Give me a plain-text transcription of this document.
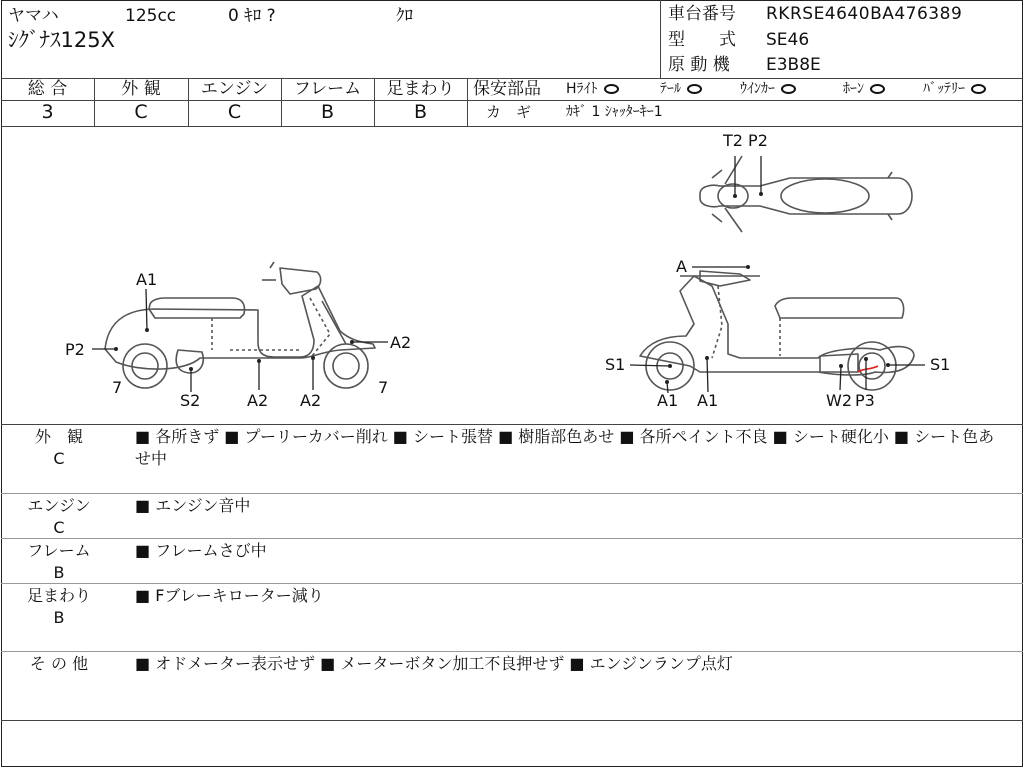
ヤマハ	125cc	0 ｷﾛ ?	ｸﾛ
ｼｸﾞﾅｽ125X
車台番号 RKRSE4640BA476389
型　　式 SE46
原 動 機 E3B8E
総 合
3
外 観
C
エンジン
C
フレーム
B
足まわり
B
保安部品 Hﾗｲﾄ	ﾃｰﾙ	ｳｲﾝｶｰ	ﾎｰﾝ	ﾊﾞｯﾃﾘｰ
カ　ギ ｶｷﾞ 1 ｼｬｯﾀｰｷｰ1
A1
P2
7
S2	A2 A2
A2
7
T2 P2
A
S1
A1 A1	W2 P3
S1
外　観
C
■ 各所きず ■ プーリーカバー削れ ■ シート張替 ■ 樹脂部色あせ ■ 各所ペイント不良 ■ シート硬化小 ■ シート色あせ中
エンジン
C
■ エンジン音中
フレーム
B
■ フレームさび中
足まわり
B
■ Fブレーキローター減り
そ の 他	■ オドメーター表示せず ■ メーターボタン加工不良押せず ■ エンジンランプ点灯
